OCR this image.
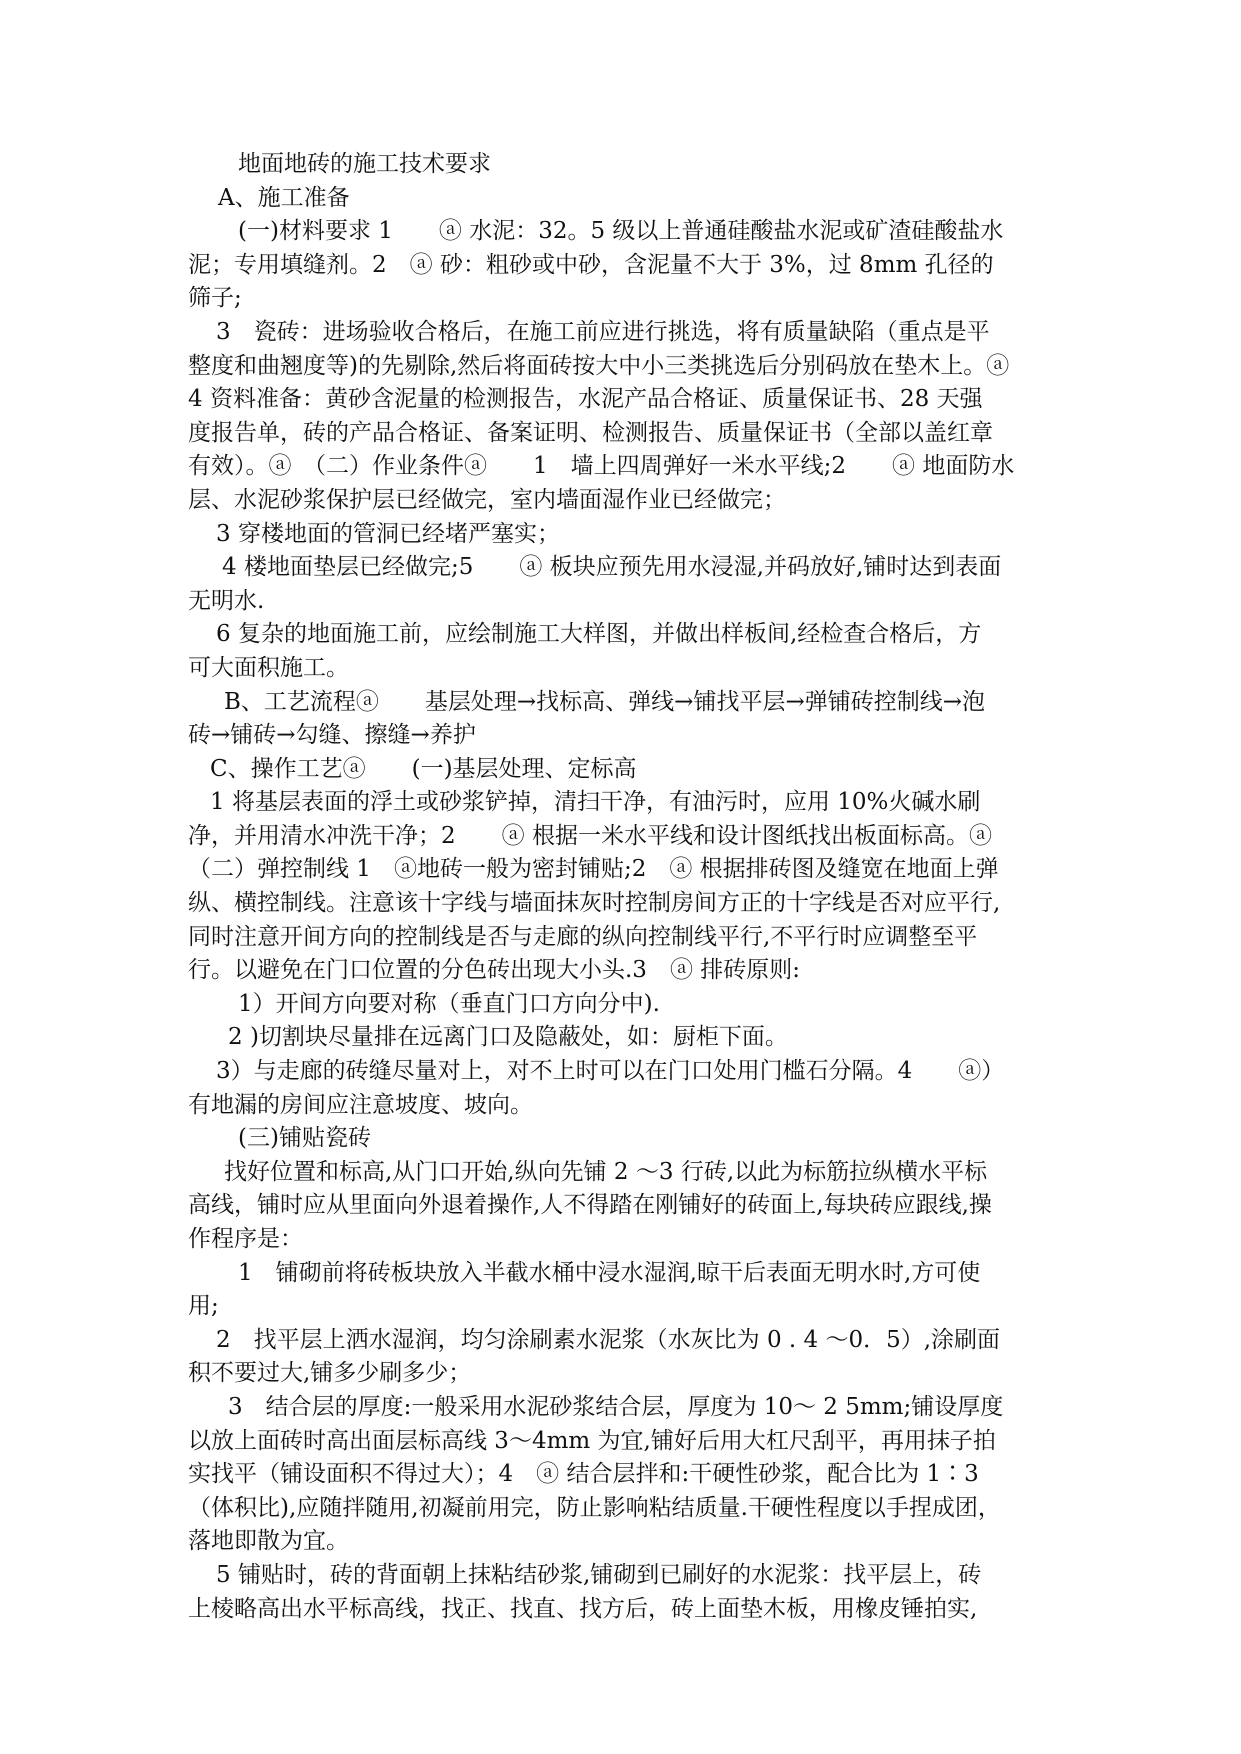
地面地砖的施工技术要求
A、施工准备
(一)材料要求 1　　ⓐ 水泥：32。5 级以上普通硅酸盐水泥或矿渣硅酸盐水
泥；专用填缝剂。2　ⓐ 砂：粗砂或中砂，含泥量不大于 3%，过 8mm 孔径的
筛子;
3　瓷砖：进场验收合格后，在施工前应进行挑选，将有质量缺陷（重点是平
整度和曲翘度等)的先剔除,然后将面砖按大中小三类挑选后分别码放在垫木上。ⓐ
4 资料准备：黄砂含泥量的检测报告，水泥产品合格证、质量保证书、28 天强
度报告单，砖的产品合格证、备案证明、检测报告、质量保证书（全部以盖红章
有效）。ⓐ　（二）作业条件ⓐ　　1　墙上四周弹好一米水平线;2　　ⓐ 地面防水
层、水泥砂浆保护层已经做完，室内墙面湿作业已经做完；
3 穿楼地面的管洞已经堵严塞实；
4 楼地面垫层已经做完;5　　ⓐ 板块应预先用水浸湿,并码放好,铺时达到表面
无明水.
6 复杂的地面施工前，应绘制施工大样图，并做出样板间,经检查合格后，方
可大面积施工。
B、工艺流程ⓐ　　基层处理→找标高、弹线→铺找平层→弹铺砖控制线→泡
砖→铺砖→勾缝、擦缝→养护
C、操作工艺ⓐ　　(一)基层处理、定标高
1 将基层表面的浮土或砂浆铲掉，清扫干净，有油污时，应用 10%火碱水刷
净，并用清水冲洗干净；2　　ⓐ 根据一米水平线和设计图纸找出板面标高。ⓐ
（二）弹控制线 1　ⓐ地砖一般为密封铺贴;2　ⓐ 根据排砖图及缝宽在地面上弹
纵、横控制线。注意该十字线与墙面抹灰时控制房间方正的十字线是否对应平行,
同时注意开间方向的控制线是否与走廊的纵向控制线平行,不平行时应调整至平
行。以避免在门口位置的分色砖出现大小头.3　ⓐ 排砖原则:
1）开间方向要对称（垂直门口方向分中).
2 )切割块尽量排在远离门口及隐蔽处，如：厨柜下面。
3）与走廊的砖缝尽量对上，对不上时可以在门口处用门槛石分隔。4　　ⓐ）
有地漏的房间应注意坡度、坡向。
(三)铺贴瓷砖
找好位置和标高,从门口开始,纵向先铺 2 ～3 行砖,以此为标筋拉纵横水平标
高线，铺时应从里面向外退着操作,人不得踏在刚铺好的砖面上,每块砖应跟线,操
作程序是：
1　铺砌前将砖板块放入半截水桶中浸水湿润,晾干后表面无明水时,方可使
用;
2　找平层上洒水湿润，均匀涂刷素水泥浆（水灰比为 0 . 4 ～0．5）,涂刷面
积不要过大,铺多少刷多少；
3　结合层的厚度:一般采用水泥砂浆结合层，厚度为 10～ 2 5mm;铺设厚度
以放上面砖时高出面层标高线 3～4mm 为宜,铺好后用大杠尺刮平，再用抹子拍
实找平（铺设面积不得过大）；4　ⓐ 结合层拌和:干硬性砂浆，配合比为 1∶3
（体积比),应随拌随用,初凝前用完，防止影响粘结质量.干硬性程度以手捏成团，
落地即散为宜。
5 铺贴时，砖的背面朝上抹粘结砂浆,铺砌到已刷好的水泥浆：找平层上，砖
上棱略高出水平标高线，找正、找直、找方后，砖上面垫木板，用橡皮锤拍实,
